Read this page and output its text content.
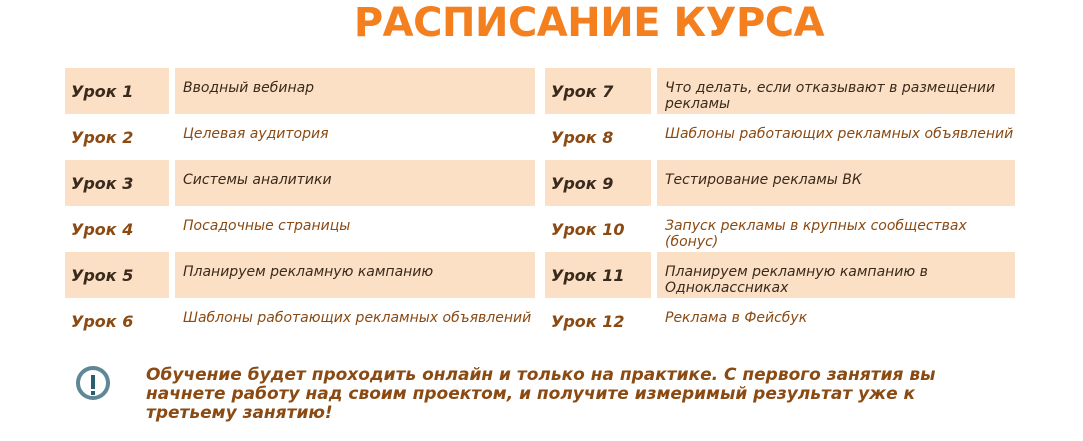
РАСПИСАНИЕ КУРСА
Урок 1	Вводный вебинар
Урок 2	Целевая аудитория
Урок 3	Системы аналитики
Урок 4	Посадочные страницы
Урок 5	Планируем рекламную кампанию
Урок 6	Шаблоны работающих рекламных объявлений
Урок 7	Что делать, если отказывают в размещении рекламы
Урок 8	Шаблоны работающих рекламных объявлений
Урок 9	Тестирование рекламы ВК
Урок 10	Запуск рекламы в крупных сообществах (бонус)
Урок 11	Планируем рекламную кампанию в Одноклассниках
Урок 12	Реклама в Фейсбук
Обучение будет проходить онлайн и только на практике. С первого занятия вы начнете работу над своим проектом, и получите измеримый результат уже к третьему занятию!
